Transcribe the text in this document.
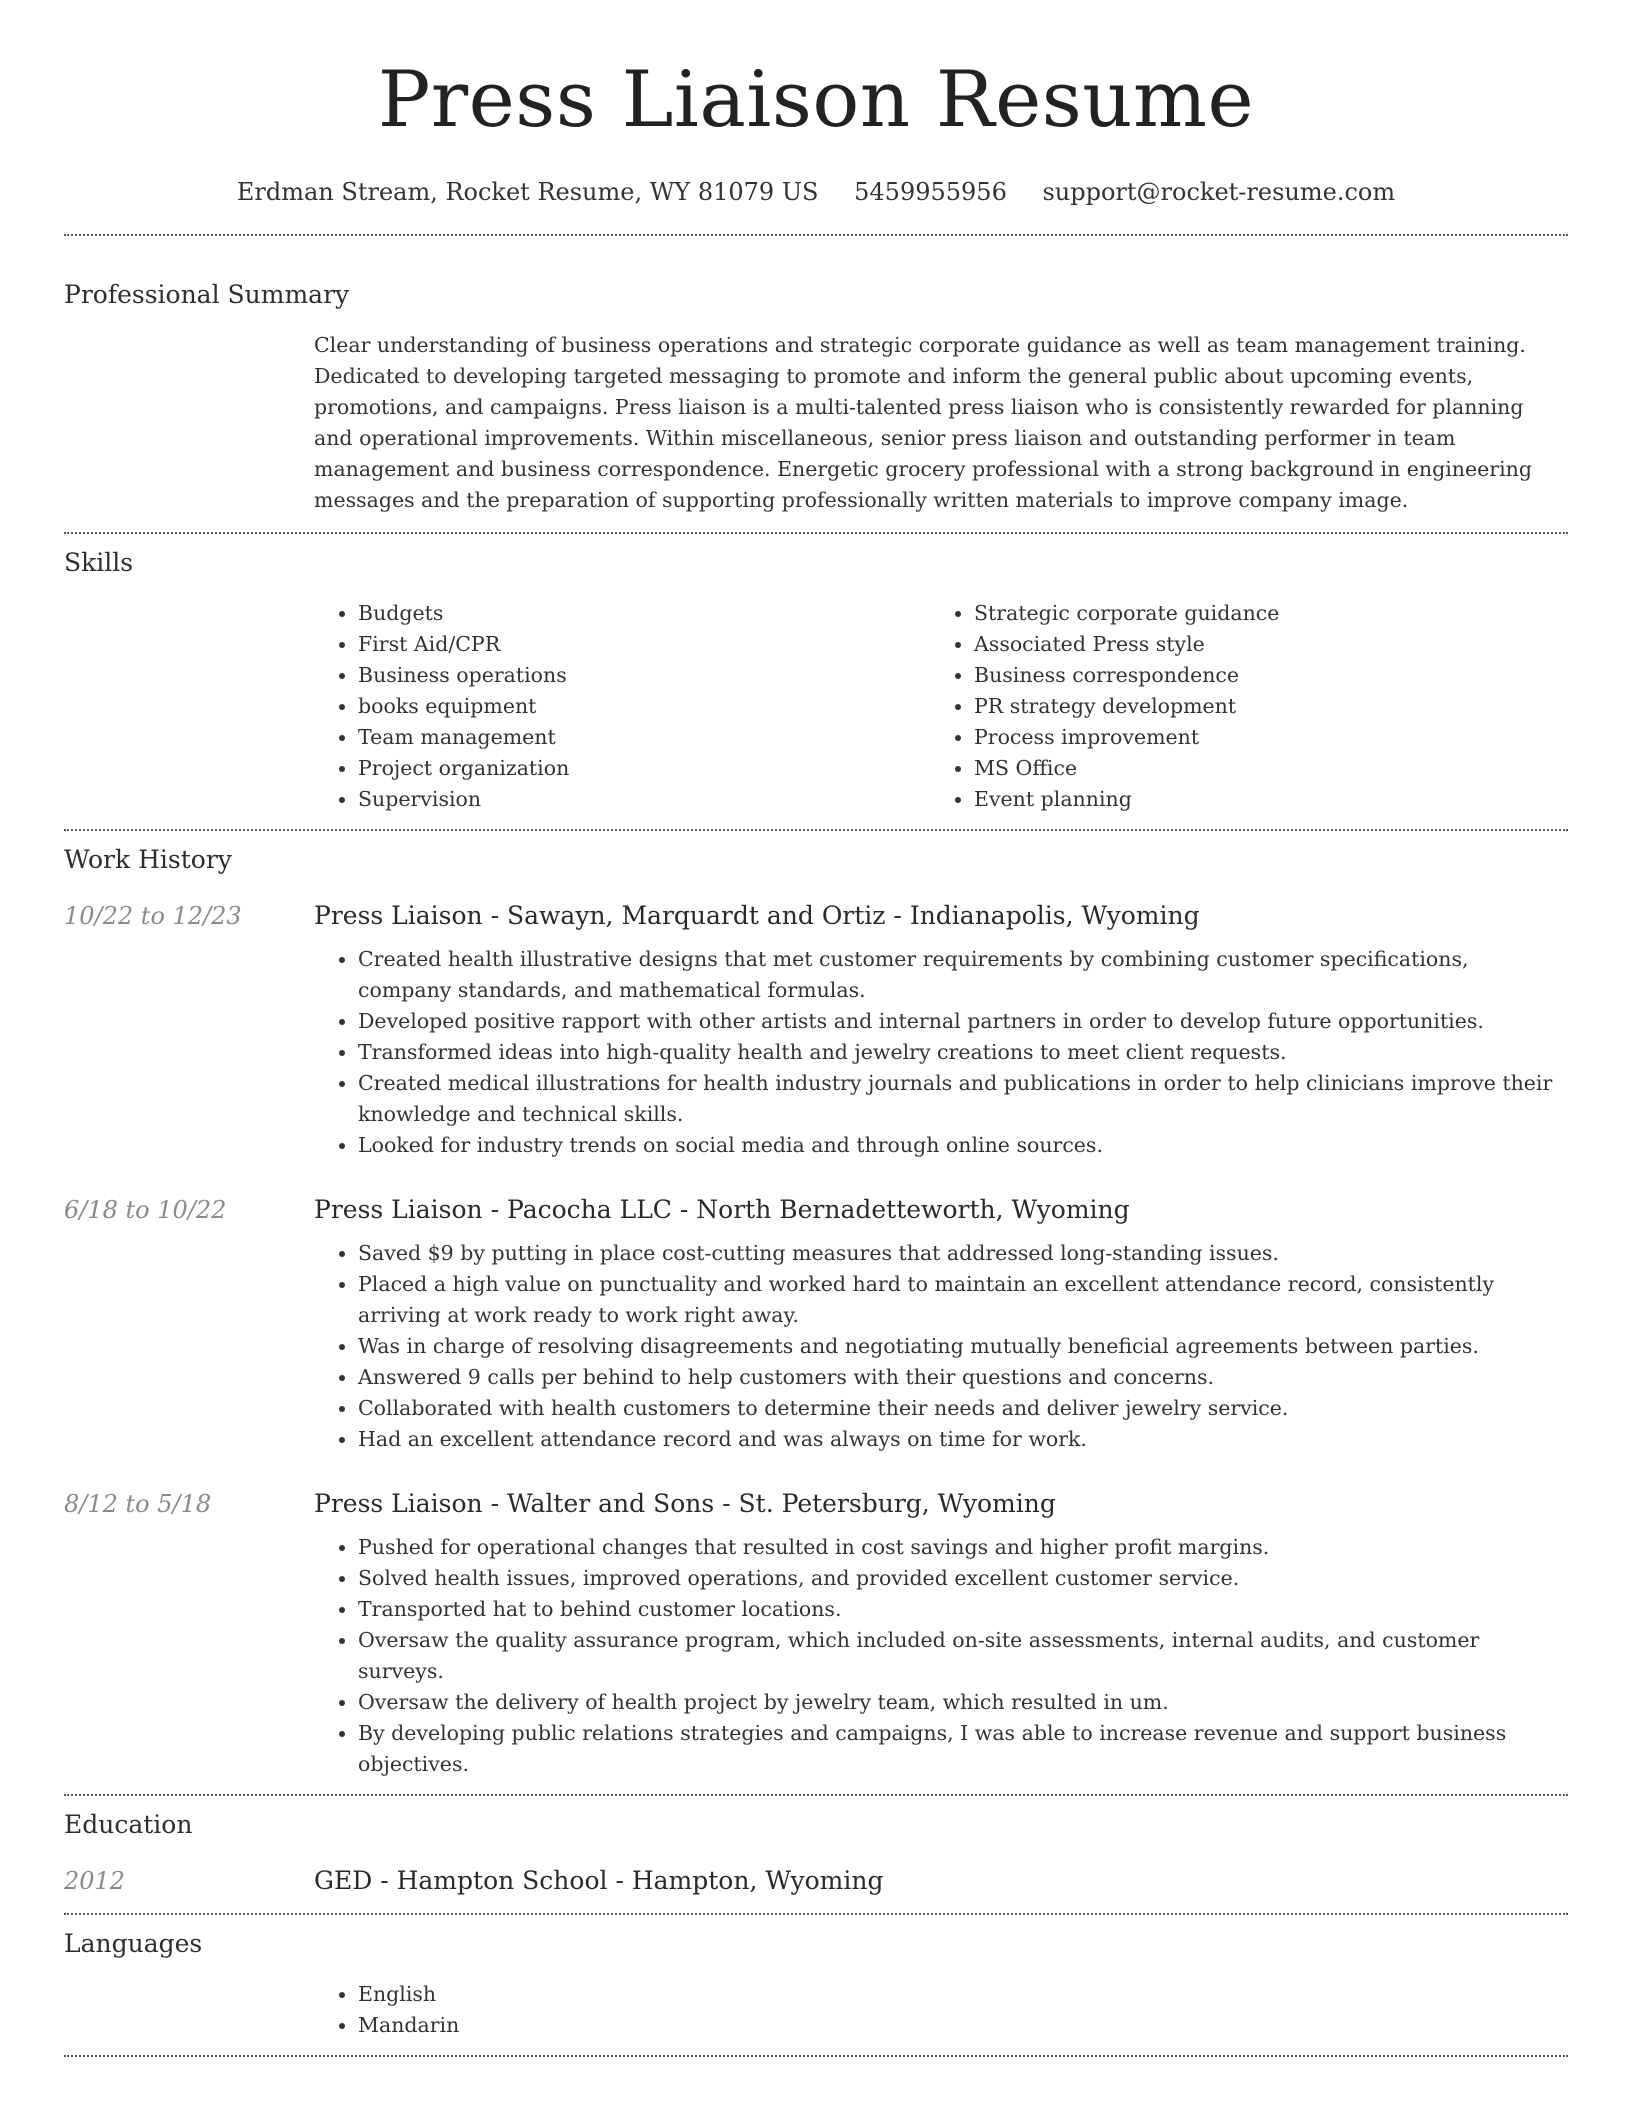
Press Liaison Resume
Erdman Stream, Rocket Resume, WY 81079 US 5459955956 support@rocket-resume.com
Professional Summary

Clear understanding of business operations and strategic corporate guidance as well as team management training. Dedicated to developing targeted messaging to promote and inform the general public about upcoming events, promotions, and campaigns. Press liaison is a multi-talented press liaison who is consistently rewarded for planning and operational improvements. Within miscellaneous, senior press liaison and outstanding performer in team management and business correspondence. Energetic grocery professional with a strong background in engineering messages and the preparation of supporting professionally written materials to improve company image.

Skills
• Budgets
• First Aid/CPR
• Business operations
• books equipment
• Team management
• Project organization
• Supervision
• Strategic corporate guidance
• Associated Press style
• Business correspondence
• PR strategy development
• Process improvement
• MS Office
• Event planning
Work History
10/22 to 12/23	Press Liaison - Sawayn, Marquardt and Ortiz - Indianapolis, Wyoming
• Created health illustrative designs that met customer requirements by combining customer specifications, company standards, and mathematical formulas.
• Developed positive rapport with other artists and internal partners in order to develop future opportunities.
• Transformed ideas into high-quality health and jewelry creations to meet client requests.
• Created medical illustrations for health industry journals and publications in order to help clinicians improve their knowledge and technical skills.
• Looked for industry trends on social media and through online sources.
6/18 to 10/22	Press Liaison - Pacocha LLC - North Bernadetteworth, Wyoming
• Saved $9 by putting in place cost-cutting measures that addressed long-standing issues.
• Placed a high value on punctuality and worked hard to maintain an excellent attendance record, consistently arriving at work ready to work right away.
• Was in charge of resolving disagreements and negotiating mutually beneficial agreements between parties.
• Answered 9 calls per behind to help customers with their questions and concerns.
• Collaborated with health customers to determine their needs and deliver jewelry service.
• Had an excellent attendance record and was always on time for work.
8/12 to 5/18	Press Liaison - Walter and Sons - St. Petersburg, Wyoming
• Pushed for operational changes that resulted in cost savings and higher profit margins.
• Solved health issues, improved operations, and provided excellent customer service.
• Transported hat to behind customer locations.
• Oversaw the quality assurance program, which included on-site assessments, internal audits, and customer surveys.
• Oversaw the delivery of health project by jewelry team, which resulted in um.
• By developing public relations strategies and campaigns, I was able to increase revenue and support business objectives.
Education
2012	GED - Hampton School - Hampton, Wyoming
Languages
• English
• Mandarin
